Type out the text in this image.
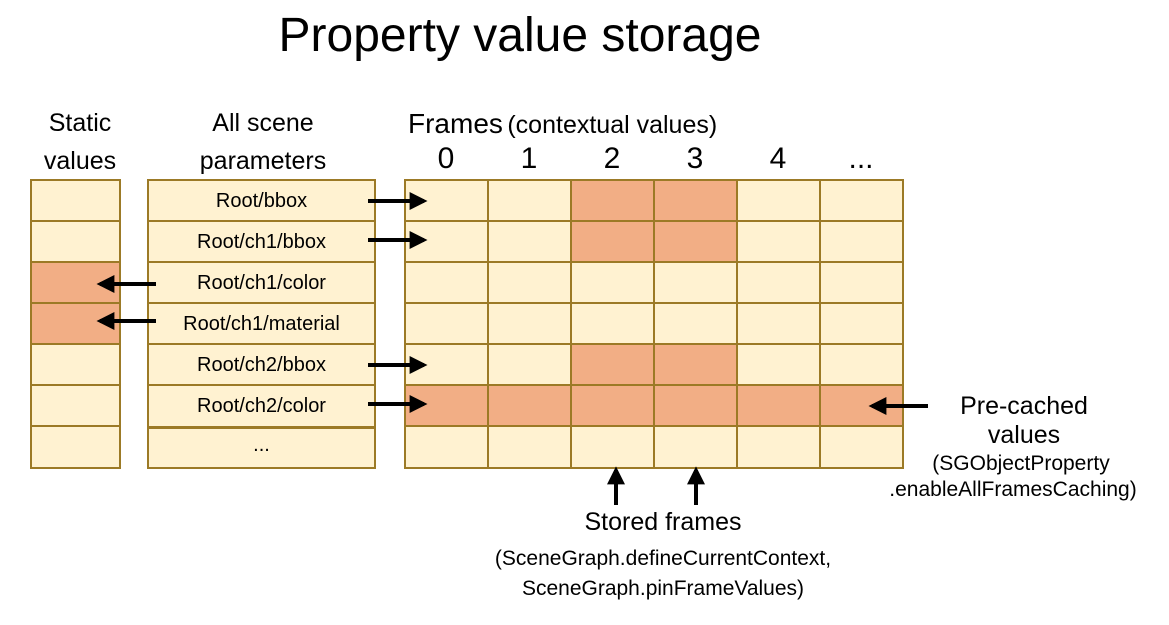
Property value storage
Static
values
All scene
parameters
Frames (contextual values)
0	1	2	3	4	...
Root/bbox
Root/ch1/bbox
Root/ch1/color
Root/ch1/material
Root/ch2/bbox
Root/ch2/color
...
Pre-cached
values
(SGObjectProperty
.enableAllFramesCaching)
Stored frames
(SceneGraph.defineCurrentContext,
SceneGraph.pinFrameValues)
